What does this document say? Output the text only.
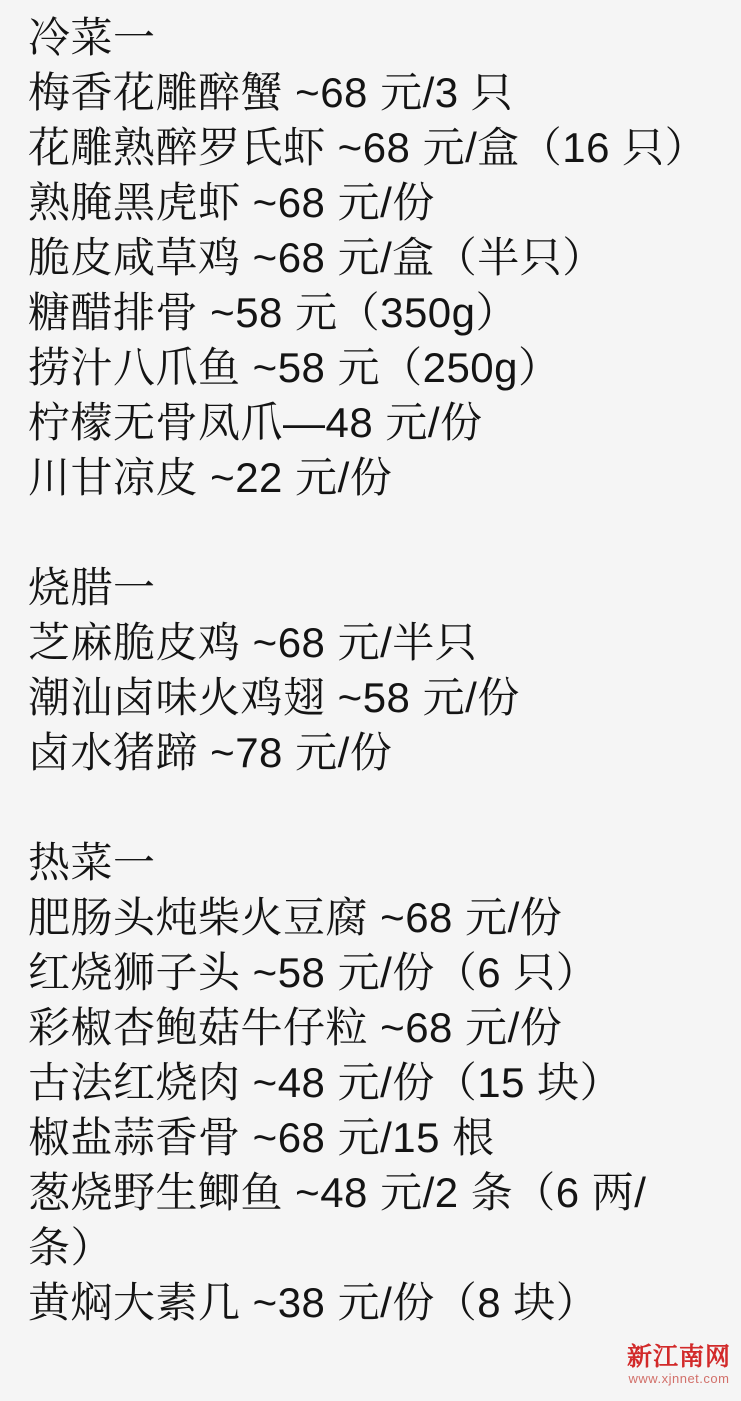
冷菜一
梅香花雕醉蟹 ~68 元/3 只
花雕熟醉罗氏虾 ~68 元/盒（16 只）
熟腌黑虎虾 ~68 元/份
脆皮咸草鸡 ~68 元/盒（半只）
糖醋排骨 ~58 元（350g）
捞汁八爪鱼 ~58 元（250g）
柠檬无骨凤爪—48 元/份
川甘凉皮 ~22 元/份
烧腊一
芝麻脆皮鸡 ~68 元/半只
潮汕卤味火鸡翅 ~58 元/份
卤水猪蹄 ~78 元/份
热菜一
肥肠头炖柴火豆腐 ~68 元/份
红烧狮子头 ~58 元/份（6 只）
彩椒杏鲍菇牛仔粒 ~68 元/份
古法红烧肉 ~48 元/份（15 块）
椒盐蒜香骨 ~68 元/15 根
葱烧野生鲫鱼 ~48 元/2 条（6 两/
条）
黄焖大素几 ~38 元/份（8 块）
新江南网
www.xjnnet.com
